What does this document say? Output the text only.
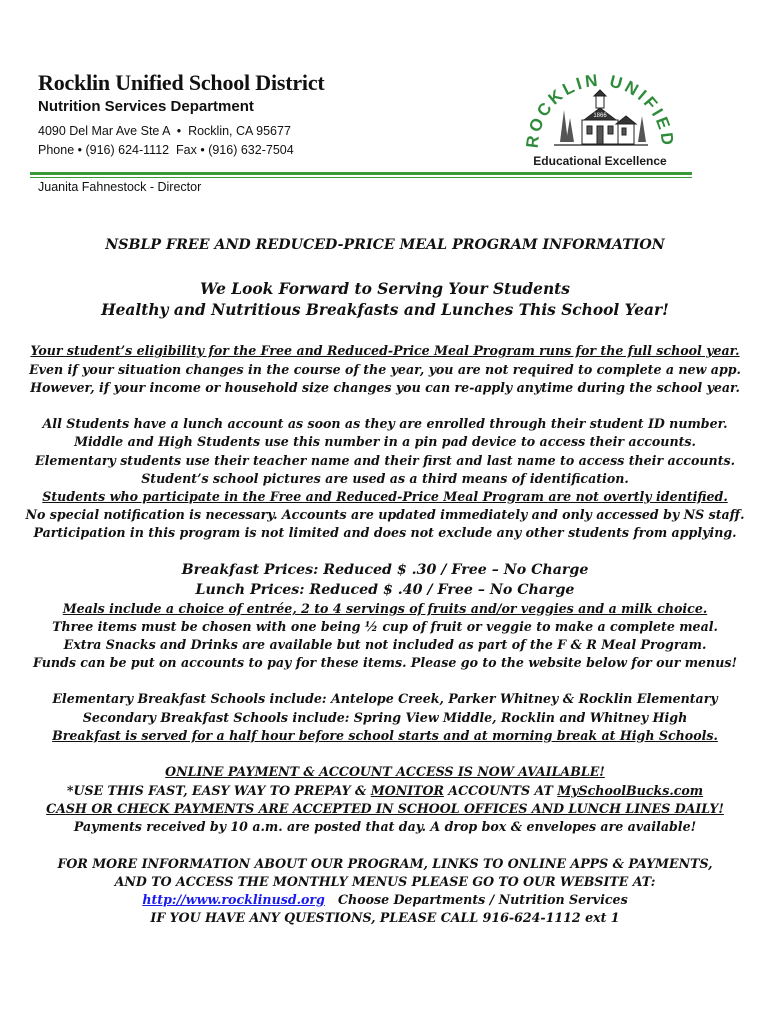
Rocklin Unified School District
Nutrition Services Department
4090 Del Mar Ave Ste A  •  Rocklin, CA 95677
Phone • (916) 624-1112  Fax • (916) 632-7504
Juanita Fahnestock - Director
ROCKLIN UNIFIED
1866
Educational Excellence
NSBLP FREE AND REDUCED-PRICE MEAL PROGRAM INFORMATION
We Look Forward to Serving Your Students
Healthy and Nutritious Breakfasts and Lunches This School Year!
Your student’s eligibility for the Free and Reduced-Price Meal Program runs for the full school year.
Even if your situation changes in the course of the year, you are not required to complete a new app.
However, if your income or household size changes you can re-apply anytime during the school year.
All Students have a lunch account as soon as they are enrolled through their student ID number.
Middle and High Students use this number in a pin pad device to access their accounts.
Elementary students use their teacher name and their first and last name to access their accounts.
Student’s school pictures are used as a third means of identification.
Students who participate in the Free and Reduced-Price Meal Program are not overtly identified.
No special notification is necessary. Accounts are updated immediately and only accessed by NS staff.
Participation in this program is not limited and does not exclude any other students from applying.
Breakfast Prices: Reduced $ .30 / Free – No Charge
Lunch Prices: Reduced $ .40 / Free – No Charge
Meals include a choice of entrée, 2 to 4 servings of fruits and/or veggies and a milk choice.
Three items must be chosen with one being ½ cup of fruit or veggie to make a complete meal.
Extra Snacks and Drinks are available but not included as part of the F & R Meal Program.
Funds can be put on accounts to pay for these items. Please go to the website below for our menus!
Elementary Breakfast Schools include: Antelope Creek, Parker Whitney & Rocklin Elementary
Secondary Breakfast Schools include: Spring View Middle, Rocklin and Whitney High
Breakfast is served for a half hour before school starts and at morning break at High Schools.
ONLINE PAYMENT & ACCOUNT ACCESS IS NOW AVAILABLE!
*USE THIS FAST, EASY WAY TO PREPAY & MONITOR ACCOUNTS AT MySchoolBucks.com
CASH OR CHECK PAYMENTS ARE ACCEPTED IN SCHOOL OFFICES AND LUNCH LINES DAILY!
Payments received by 10 a.m. are posted that day. A drop box & envelopes are available!
FOR MORE INFORMATION ABOUT OUR PROGRAM, LINKS TO ONLINE APPS & PAYMENTS,
AND TO ACCESS THE MONTHLY MENUS PLEASE GO TO OUR WEBSITE AT:
http://www.rocklinusd.org   Choose Departments / Nutrition Services
IF YOU HAVE ANY QUESTIONS, PLEASE CALL 916-624-1112 ext 1
